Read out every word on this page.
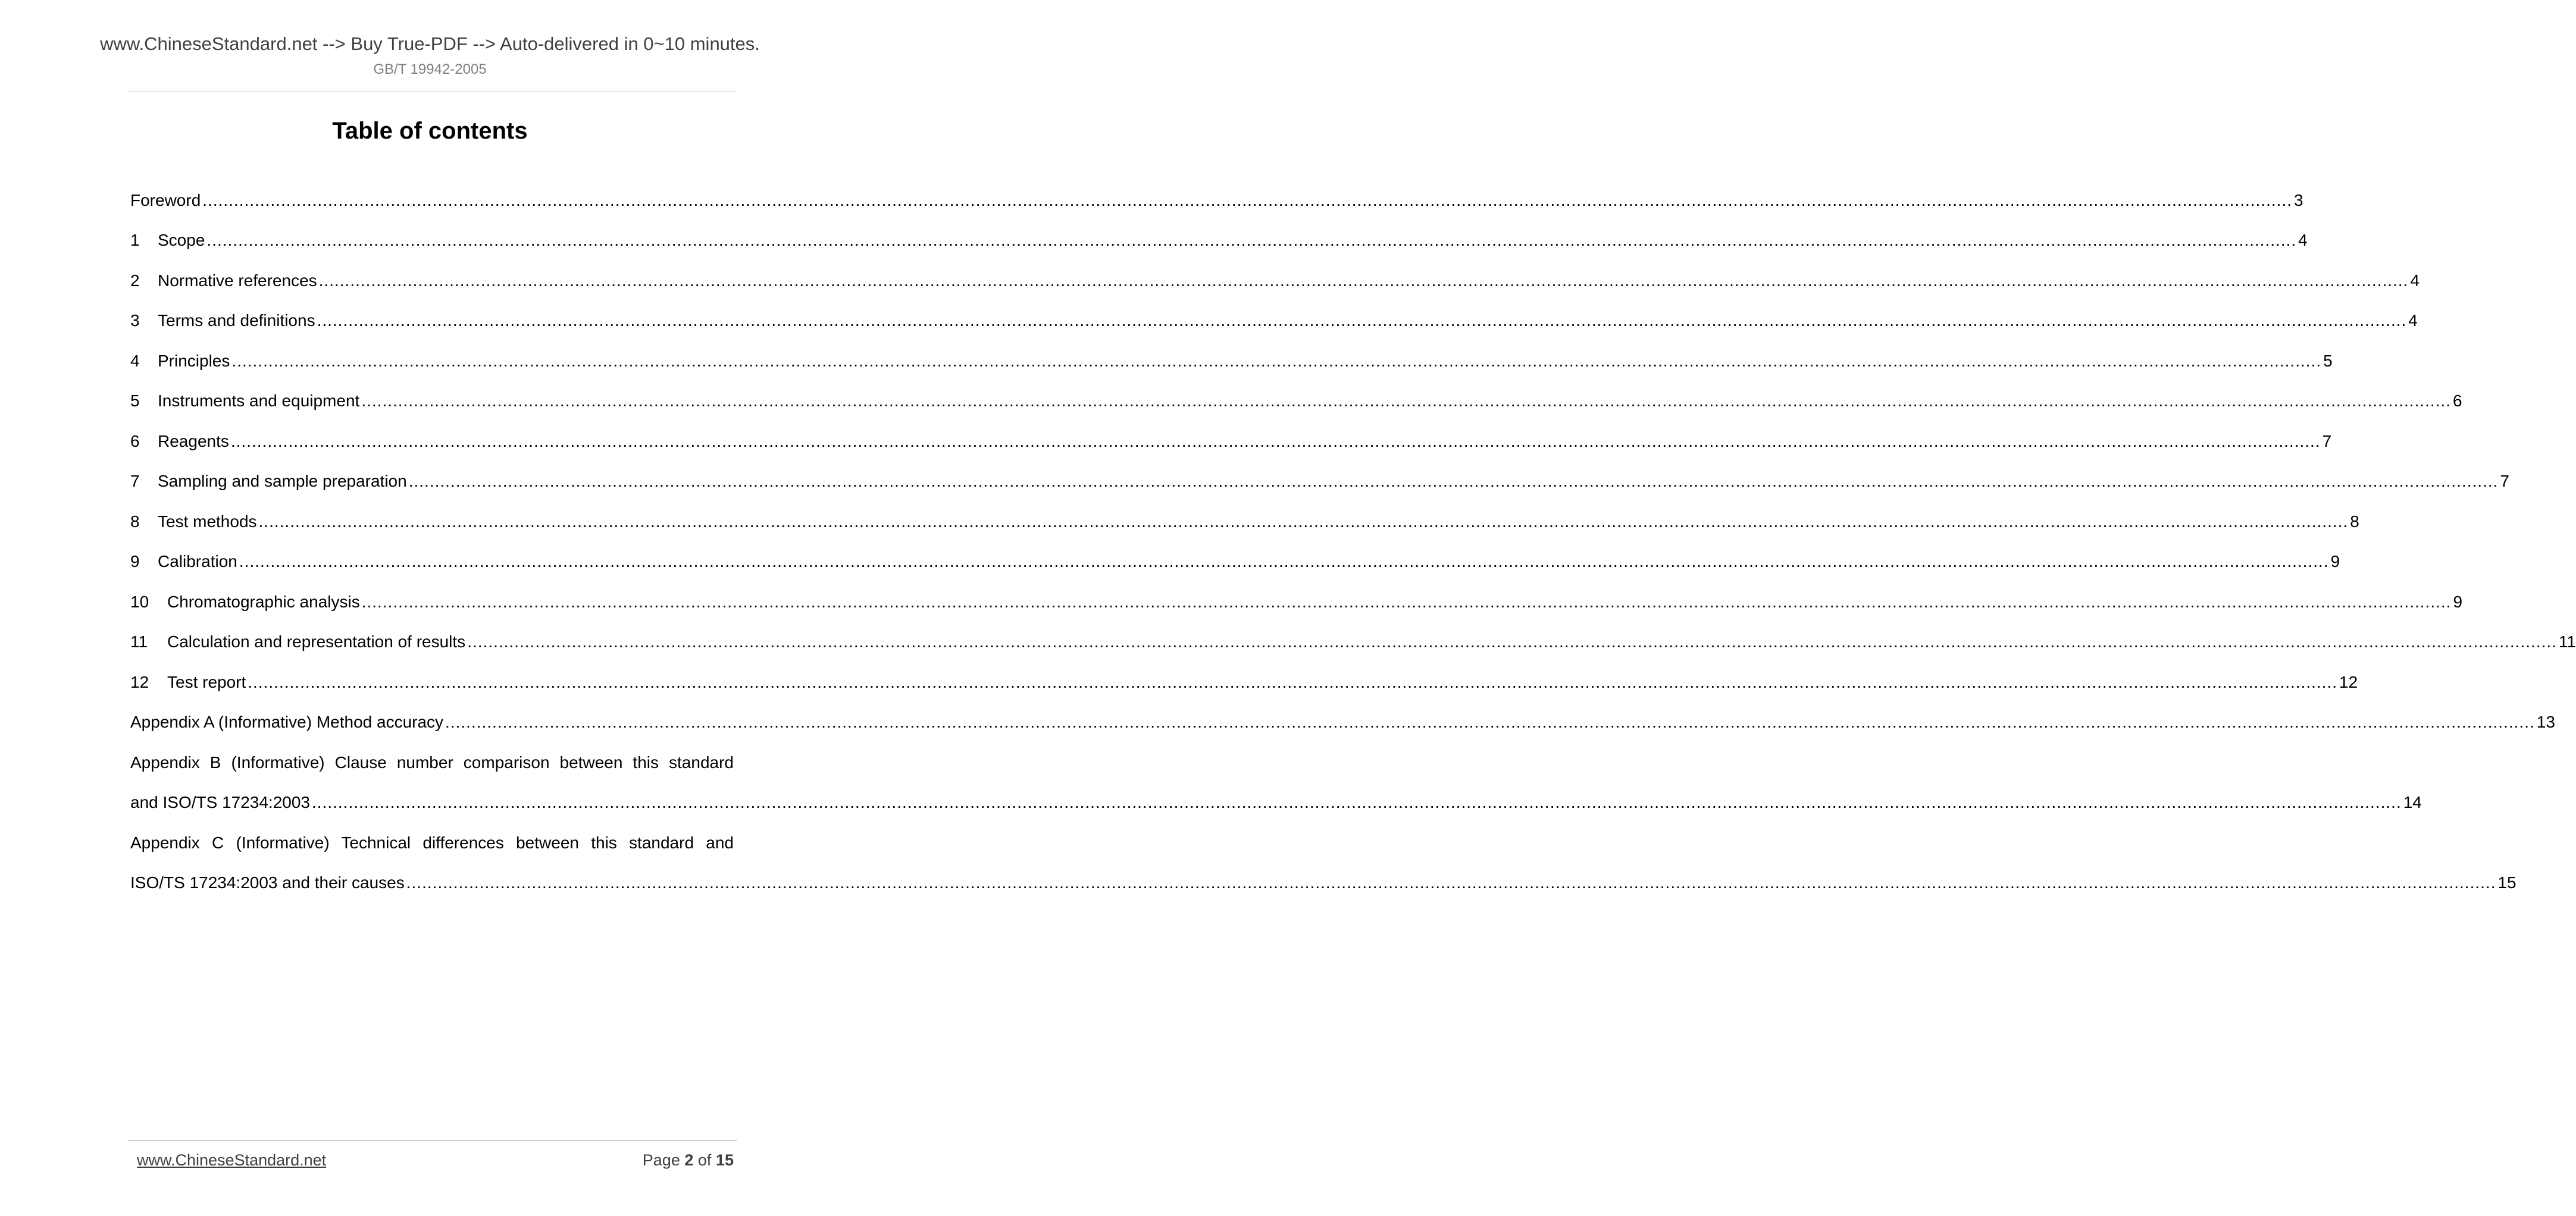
www.ChineseStandard.net --> Buy True-PDF --> Auto-delivered in 0~10 minutes.
GB/T 19942-2005
Table of contents
Foreword ................................................................................................................................................................................................................................................................................................................................................................................................................ 3
1	Scope ................................................................................................................................................................................................................................................................................................................................................................................................................ 4
2	Normative references ................................................................................................................................................................................................................................................................................................................................................................................................................ 4
3	Terms and definitions ................................................................................................................................................................................................................................................................................................................................................................................................................ 4
4	Principles ................................................................................................................................................................................................................................................................................................................................................................................................................ 5
5	Instruments and equipment ................................................................................................................................................................................................................................................................................................................................................................................................................ 6
6	Reagents ................................................................................................................................................................................................................................................................................................................................................................................................................ 7
7	Sampling and sample preparation ................................................................................................................................................................................................................................................................................................................................................................................................................ 7
8	Test methods ................................................................................................................................................................................................................................................................................................................................................................................................................ 8
9	Calibration ................................................................................................................................................................................................................................................................................................................................................................................................................ 9
10	Chromatographic analysis ................................................................................................................................................................................................................................................................................................................................................................................................................ 9
11	Calculation and representation of results ................................................................................................................................................................................................................................................................................................................................................................................................................ 11
12	Test report ................................................................................................................................................................................................................................................................................................................................................................................................................ 12
Appendix A (Informative) Method accuracy ................................................................................................................................................................................................................................................................................................................................................................................................................ 13
Appendix B (Informative) Clause number comparison between this standard
and ISO/TS 17234:2003 ................................................................................................................................................................................................................................................................................................................................................................................................................ 14
Appendix C (Informative) Technical differences between this standard and
ISO/TS 17234:2003 and their causes ................................................................................................................................................................................................................................................................................................................................................................................................................ 15
www.ChineseStandard.net	Page 2 of 15
